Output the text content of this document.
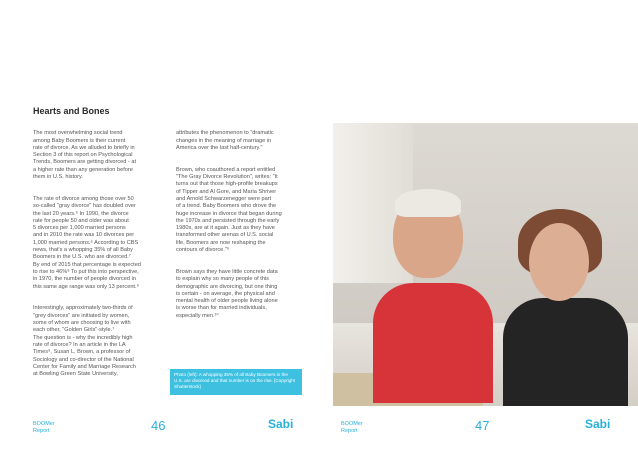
Hearts and Bones

The most overwhelming social trend
among Baby Boomers is their current
rate of divorce. As we alluded to briefly in
Section 3 of this report on Psychological
Trends, Boomers are getting divorced - at
a higher rate than any generation before
them in U.S. history.

The rate of divorce among those over 50
so-called "gray divorce" has doubled over
the last 20 years.⁵ In 1990, the divorce
rate for people 50 and older was about
5 divorces per 1,000 married persons
and in 2010 the rate was 10 divorces per
1,000 married persons.⁶ According to CBS
news, that's a whopping 35% of all Baby
Boomers in the U.S. who are divorced.⁷
By end of 2015 that percentage is expected
to rise to 46%⁸ To put this into perspective,
in 1970, the number of people divorced in
this same age range was only 13 percent.⁹

Interestingly, approximately two-thirds of
"grey divorces" are initiated by women,
some of whom are choosing to live with
each other, "Golden Girls"-style.⁷
The question is - why the incredibly high
rate of divorce? In an article in the LA
Times⁹, Susan L. Brown, a professor of
Sociology and co-director of the National
Center for Family and Marriage Research
at Bowling Green State University,

attributes the phenomenon to "dramatic
changes in the meaning of marriage in
America over the last half-century."

Brown, who coauthored a report entitled
"The Gray Divorce Revolution", writes: "It
turns out that those high-profile breakups
of Tipper and Al Gore, and Maria Shriver
and Arnold Schwarzenegger were part
of a trend. Baby Boomers who drove the
huge increase in divorce that began during
the 1970s and persisted through the early
1980s, are at it again. Just as they have
transformed other arenas of U.S. social
life, Boomers are now reshaping the
contours of divorce."⁹

Brown says they have little concrete data
to explain why so many people of this
demographic are divorcing, but one thing
is certain - on average, the physical and
mental health of older people living alone
is worse than for married individuals,
especially men.¹⁰

BOOMer
Report	46	Sabi	BOOMer
Report	47	Sabi
Photo (left): A whopping 35% of all Baby Boomers in the U.S. are divorced and that number is on the rise. [Copyright Shutterstock]
